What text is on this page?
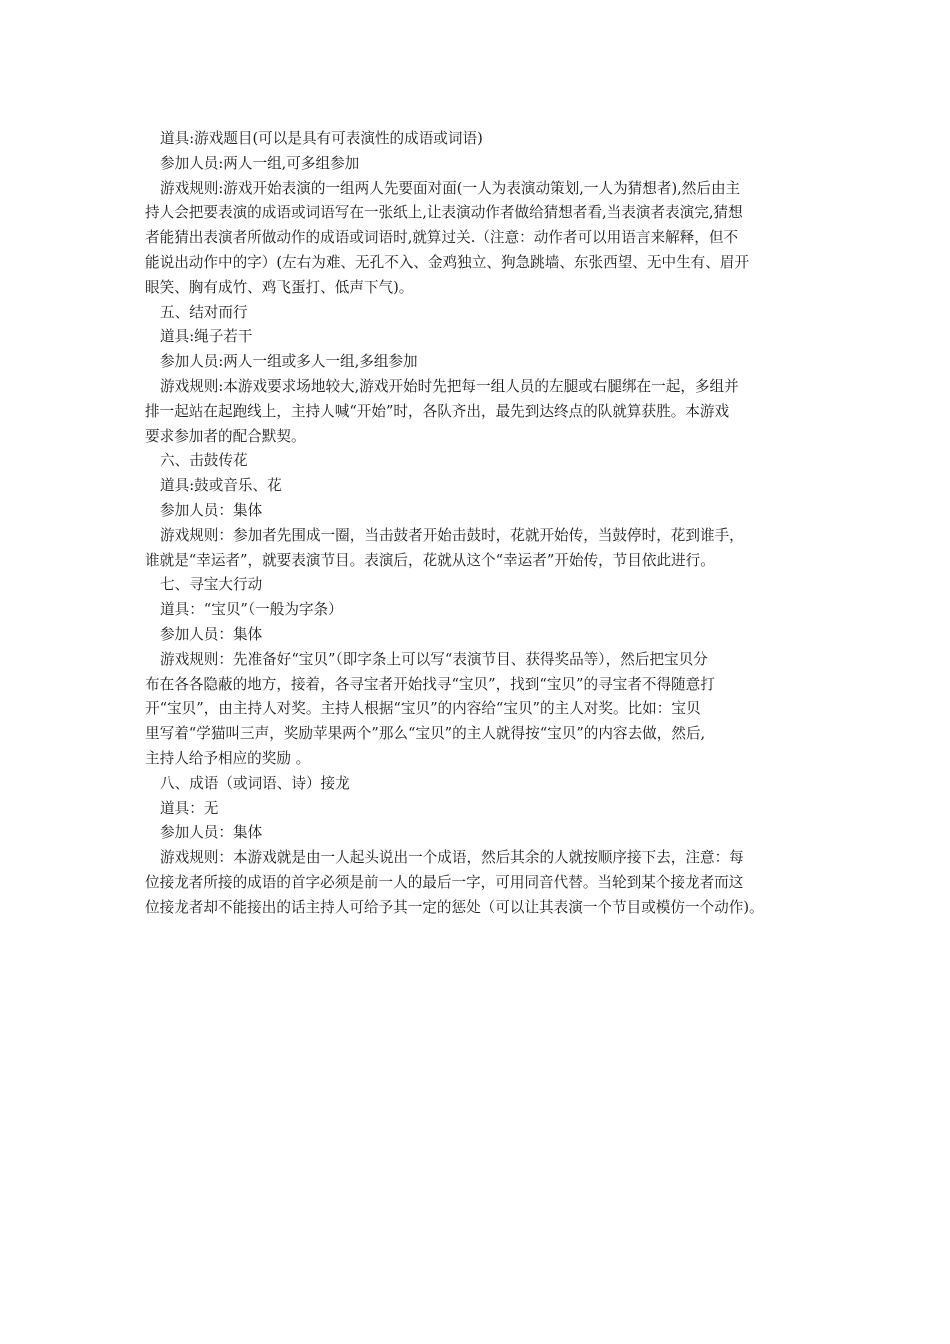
道具:游戏题目(可以是具有可表演性的成语或词语)
参加人员:两人一组,可多组参加
游戏规则:游戏开始表演的一组两人先要面对面(一人为表演动策划,一人为猜想者),然后由主
持人会把要表演的成语或词语写在一张纸上,让表演动作者做给猜想者看,当表演者表演完,猜想
者能猜出表演者所做动作的成语或词语时,就算过关.（注意：动作者可以用语言来解释，但不
能说出动作中的字）(左右为难、无孔不入、金鸡独立、狗急跳墙、东张西望、无中生有、眉开
眼笑、胸有成竹、鸡飞蛋打、低声下气)。
五、结对而行
道具:绳子若干
参加人员:两人一组或多人一组,多组参加
游戏规则:本游戏要求场地较大,游戏开始时先把每一组人员的左腿或右腿绑在一起，多组并
排一起站在起跑线上，主持人喊“开始”时，各队齐出，最先到达终点的队就算获胜。本游戏
要求参加者的配合默契。
六、击鼓传花
道具:鼓或音乐、花
参加人员：集体
游戏规则：参加者先围成一圈，当击鼓者开始击鼓时，花就开始传，当鼓停时，花到谁手，
谁就是“幸运者”，就要表演节目。表演后，花就从这个“幸运者”开始传，节目依此进行。
七、寻宝大行动
道具：“宝贝”（一般为字条）
参加人员：集体
游戏规则：先准备好“宝贝”（即字条上可以写“表演节目、获得奖品等），然后把宝贝分
布在各各隐蔽的地方，接着，各寻宝者开始找寻“宝贝”，找到“宝贝”的寻宝者不得随意打
开“宝贝”，由主持人对奖。主持人根据“宝贝”的内容给“宝贝”的主人对奖。比如：宝贝
里写着“学猫叫三声，奖励苹果两个”那么“宝贝”的主人就得按“宝贝”的内容去做，然后,
主持人给予相应的奖励 。
八、成语（或词语、诗）接龙
道具：无
参加人员：集体
游戏规则：本游戏就是由一人起头说出一个成语，然后其余的人就按顺序接下去，注意：每
位接龙者所接的成语的首字必须是前一人的最后一字，可用同音代替。当轮到某个接龙者而这
位接龙者却不能接出的话主持人可给予其一定的惩处（可以让其表演一个节目或模仿一个动作)。
